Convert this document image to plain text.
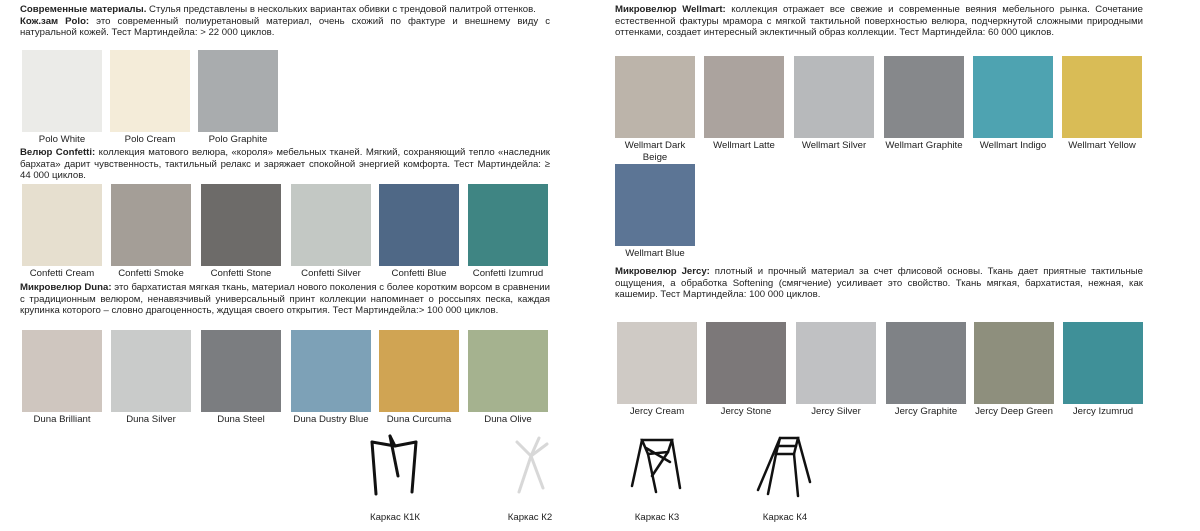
Современные материалы. Стулья представлены в нескольких вариантах обивки с трендовой палитрой оттенков.

Кож.зам Polo: это современный полиуретановый материал, очень схожий по фактуре и внешнему виду с натуральной кожей. Тест Мартиндейла: > 22 000 циклов.

Polo White	Polo Cream	Polo Graphite

Велюр Confetti: коллекция матового велюра, «короля» мебельных тканей. Мягкий, сохраняющий тепло «наследник бархата» дарит чувственность, тактильный релакс и заряжает спокойной энергией комфорта. Тест Мартиндейла: ≥ 44 000 циклов.

Confetti Cream	Confetti Smoke	Confetti Stone	Confetti Silver	Confetti Blue	Confetti Izumrud

Микровелюр Duna: это бархатистая мягкая ткань, материал нового поколения с более коротким ворсом в сравнении с традиционным велюром, ненавязчивый универсальный принт коллекции напоминает о россыпях песка, каждая крупинка которого – словно драгоценность, ждущая своего открытия. Тест Мартиндейла:> 100 000 циклов.

Duna Brilliant	Duna Silver	Duna Steel	Duna Dustry Blue	Duna Curcuma	Duna Olive

Микровелюр Wellmart: коллекция отражает все свежие и современные веяния мебельного рынка. Сочетание естественной фактуры мрамора с мягкой тактильной поверхностью велюра, подчеркнутой сложными природными оттенками, создает интересный эклектичный образ коллекции. Тест Мартиндейла: 60 000 циклов.

Wellmart Dark Beige
Wellmart Latte	Wellmart Silver	Wellmart Graphite	Wellmart Indigo	Wellmart Yellow
Wellmart Blue

Микровелюр Jercy: плотный и прочный материал за счет флисовой основы. Ткань дает приятные тактильные ощущения, а обработка Softening (смягчение) усиливает это свойство. Ткань мягкая, бархатистая, нежная, как кашемир. Тест Мартиндейла: 100 000 циклов.

Jercy Cream	Jercy Stone	Jercy Silver	Jercy Graphite	Jercy Deep Green	Jercy Izumrud
Каркас К1К	Каркас К2	Каркас К3	Каркас К4
